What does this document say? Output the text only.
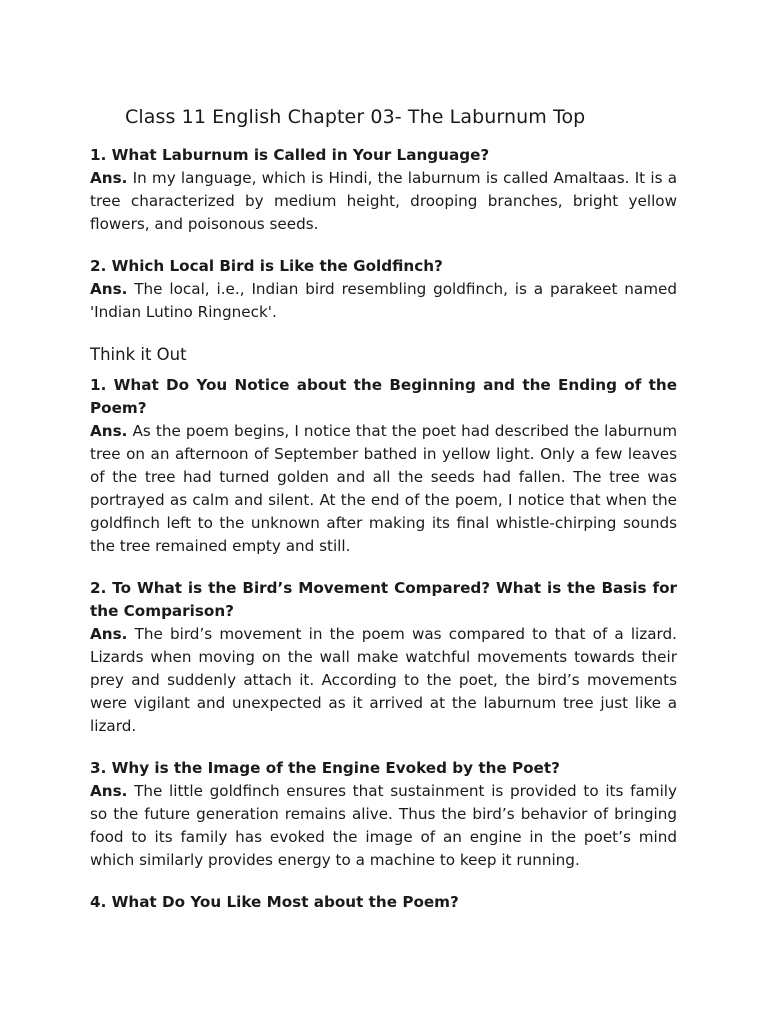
Class 11 English Chapter 03- The Laburnum Top

1. What Laburnum is Called in Your Language?

Ans. In my language, which is Hindi, the laburnum is called Amaltaas. It is a tree characterized by medium height, drooping branches, bright yellow flowers, and poisonous seeds.

2. Which Local Bird is Like the Goldfinch?

Ans. The local, i.e., Indian bird resembling goldfinch, is a parakeet named 'Indian Lutino Ringneck'.

Think it Out

1. What Do You Notice about the Beginning and the Ending of the Poem?

Ans. As the poem begins, I notice that the poet had described the laburnum tree on an afternoon of September bathed in yellow light. Only a few leaves of the tree had turned golden and all the seeds had fallen. The tree was portrayed as calm and silent. At the end of the poem, I notice that when the goldfinch left to the unknown after making its final whistle-chirping sounds the tree remained empty and still.

2. To What is the Bird’s Movement Compared? What is the Basis for the Comparison?

Ans. The bird’s movement in the poem was compared to that of a lizard. Lizards when moving on the wall make watchful movements towards their prey and suddenly attach it. According to the poet, the bird’s movements were vigilant and unexpected as it arrived at the laburnum tree just like a lizard.

3. Why is the Image of the Engine Evoked by the Poet?

Ans. The little goldfinch ensures that sustainment is provided to its family so the future generation remains alive. Thus the bird’s behavior of bringing food to its family has evoked the image of an engine in the poet’s mind which similarly provides energy to a machine to keep it running.

4. What Do You Like Most about the Poem?
